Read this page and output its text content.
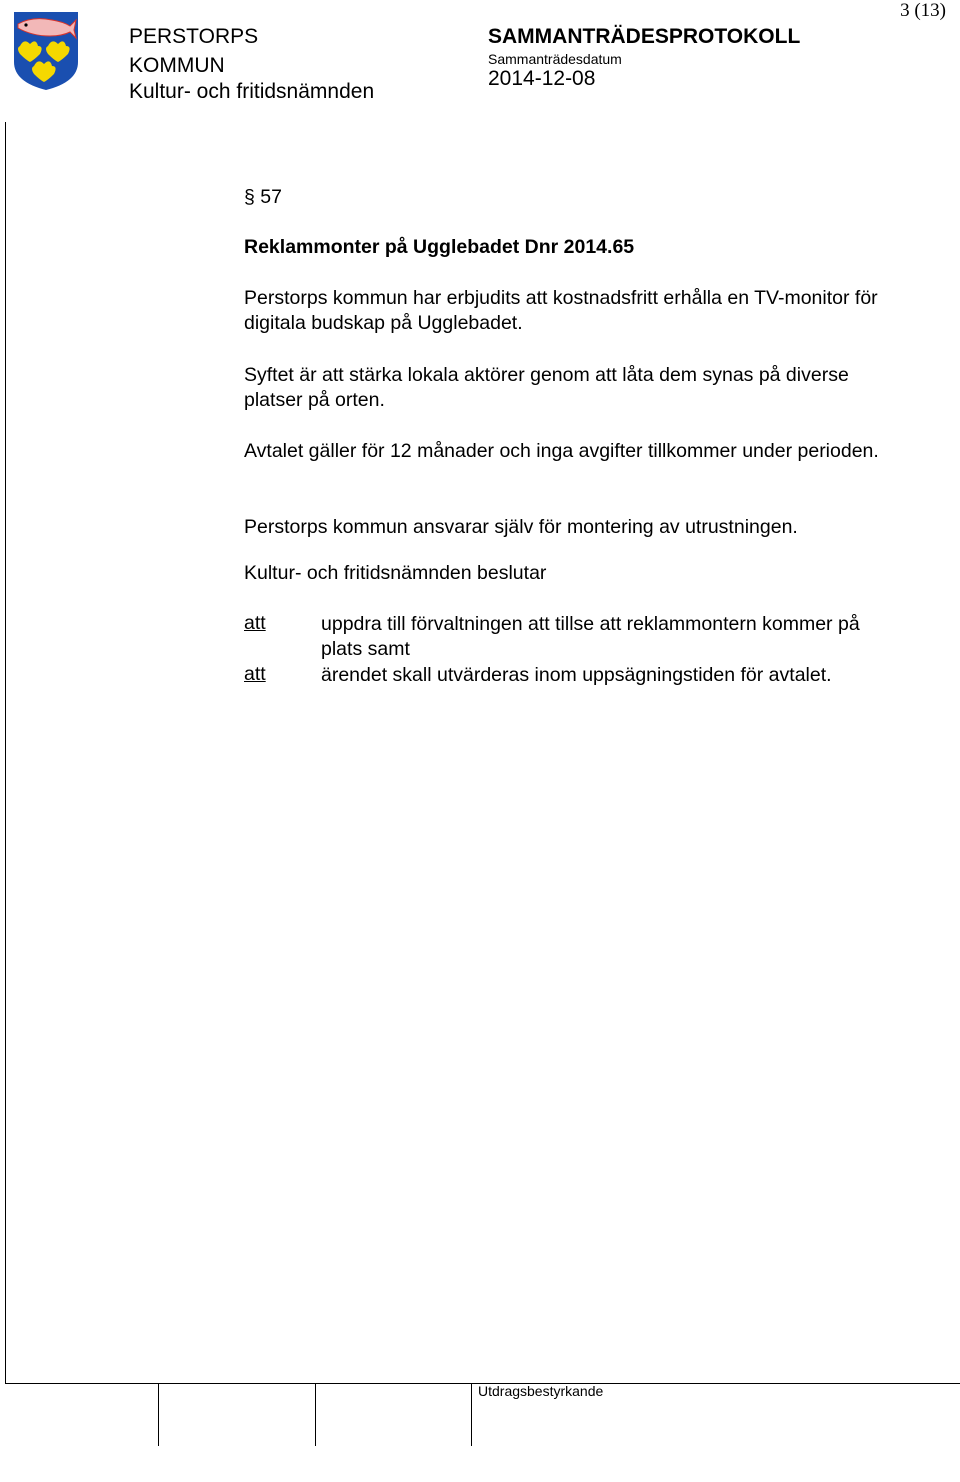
3 (13)
PERSTORPS
KOMMUN
Kultur- och fritidsnämnden
SAMMANTRÄDESPROTOKOLL
Sammanträdesdatum
2014-12-08
§ 57
Reklammonter på Ugglebadet Dnr 2014.65
Perstorps kommun har erbjudits att kostnadsfritt erhålla en TV-monitor för digitala budskap på Ugglebadet.
Syftet är att stärka lokala aktörer genom att låta dem synas på diverse platser på orten.
Avtalet gäller för 12 månader och inga avgifter tillkommer under perioden.
Perstorps kommun ansvarar själv för montering av utrustningen.
Kultur- och fritidsnämnden beslutar
att	uppdra till förvaltningen att tillse att reklammontern kommer på plats samt
att	ärendet skall utvärderas inom uppsägningstiden för avtalet.
Utdragsbestyrkande
